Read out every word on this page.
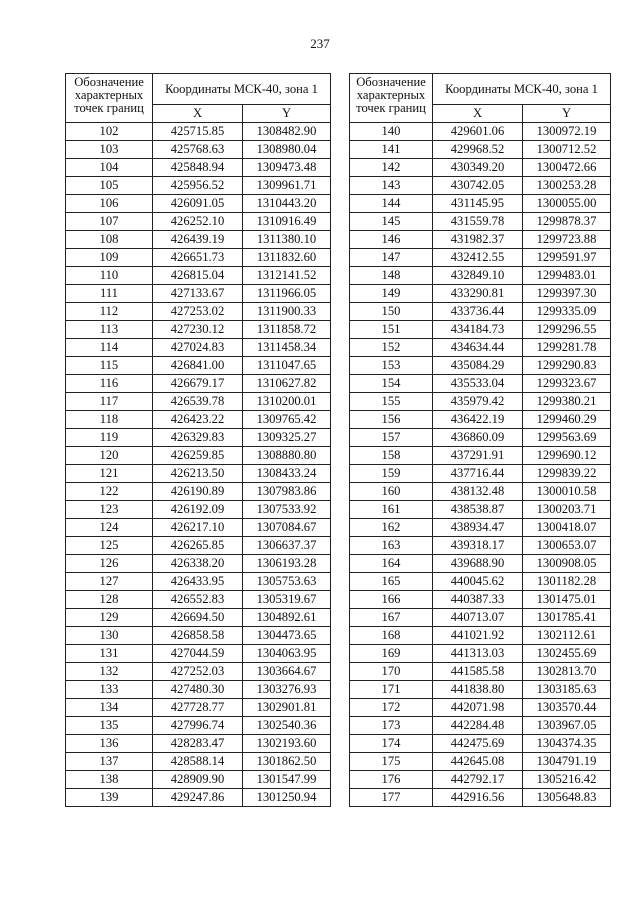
237
Обозначение характерных точек границ	Координаты МСК-40, зона 1	
	X	Y
102	425715.85	1308482.90
103	425768.63	1308980.04
104	425848.94	1309473.48
105	425956.52	1309961.71
106	426091.05	1310443.20
107	426252.10	1310916.49
108	426439.19	1311380.10
109	426651.73	1311832.60
110	426815.04	1312141.52
111	427133.67	1311966.05
112	427253.02	1311900.33
113	427230.12	1311858.72
114	427024.83	1311458.34
115	426841.00	1311047.65
116	426679.17	1310627.82
117	426539.78	1310200.01
118	426423.22	1309765.42
119	426329.83	1309325.27
120	426259.85	1308880.80
121	426213.50	1308433.24
122	426190.89	1307983.86
123	426192.09	1307533.92
124	426217.10	1307084.67
125	426265.85	1306637.37
126	426338.20	1306193.28
127	426433.95	1305753.63
128	426552.83	1305319.67
129	426694.50	1304892.61
130	426858.58	1304473.65
131	427044.59	1304063.95
132	427252.03	1303664.67
133	427480.30	1303276.93
134	427728.77	1302901.81
135	427996.74	1302540.36
136	428283.47	1302193.60
137	428588.14	1301862.50
138	428909.90	1301547.99
139	429247.86	1301250.94
Обозначение характерных точек границ	Координаты МСК-40, зона 1	
	X	Y
140	429601.06	1300972.19
141	429968.52	1300712.52
142	430349.20	1300472.66
143	430742.05	1300253.28
144	431145.95	1300055.00
145	431559.78	1299878.37
146	431982.37	1299723.88
147	432412.55	1299591.97
148	432849.10	1299483.01
149	433290.81	1299397.30
150	433736.44	1299335.09
151	434184.73	1299296.55
152	434634.44	1299281.78
153	435084.29	1299290.83
154	435533.04	1299323.67
155	435979.42	1299380.21
156	436422.19	1299460.29
157	436860.09	1299563.69
158	437291.91	1299690.12
159	437716.44	1299839.22
160	438132.48	1300010.58
161	438538.87	1300203.71
162	438934.47	1300418.07
163	439318.17	1300653.07
164	439688.90	1300908.05
165	440045.62	1301182.28
166	440387.33	1301475.01
167	440713.07	1301785.41
168	441021.92	1302112.61
169	441313.03	1302455.69
170	441585.58	1302813.70
171	441838.80	1303185.63
172	442071.98	1303570.44
173	442284.48	1303967.05
174	442475.69	1304374.35
175	442645.08	1304791.19
176	442792.17	1305216.42
177	442916.56	1305648.83
